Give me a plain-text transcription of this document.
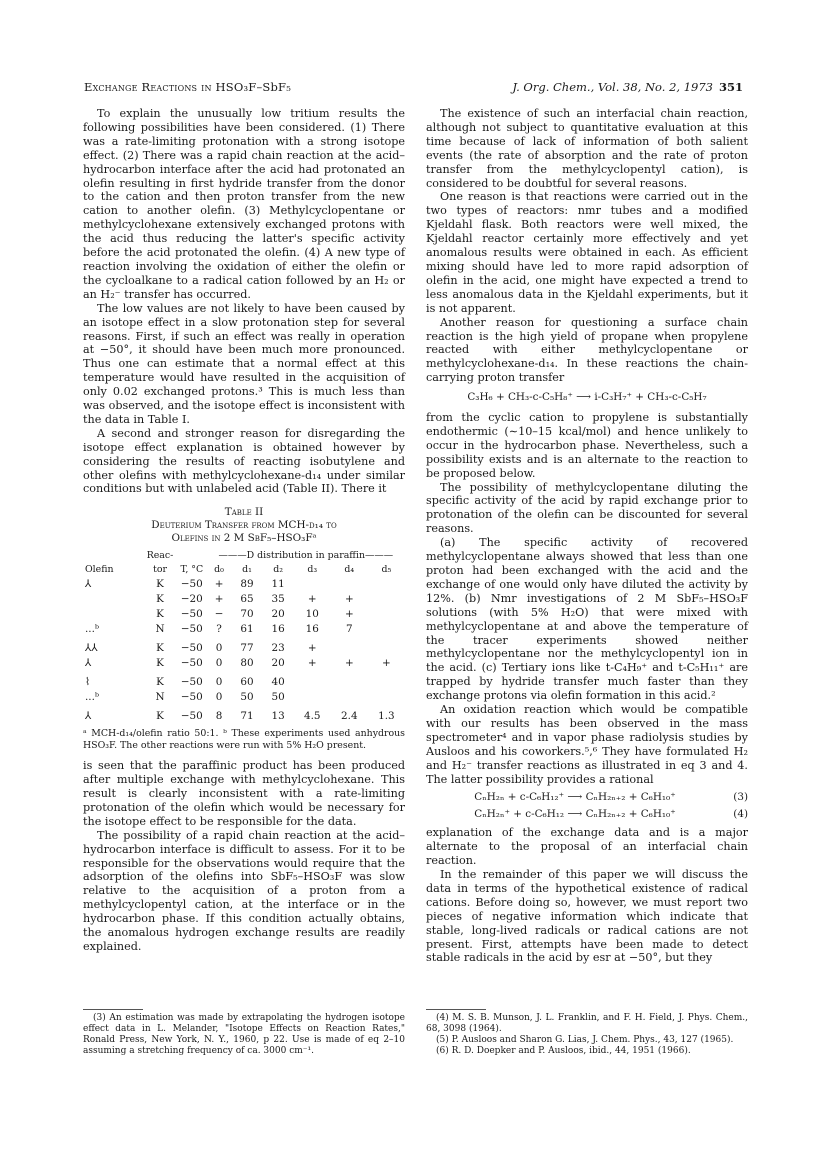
Exchange Reactions in HSO₃F–SbF₅	J. Org. Chem., Vol. 38, No. 2, 1973 351

To explain the unusually low tritium results the following possibilities have been considered. (1) There was a rate-limiting protonation with a strong isotope effect. (2) There was a rapid chain reaction at the acid–hydrocarbon interface after the acid had protonated an olefin resulting in first hydride transfer from the donor to the cation and then proton transfer from the new cation to another olefin. (3) Methylcyclopentane or methylcyclohexane extensively exchanged protons with the acid thus reducing the latter's specific activity before the acid protonated the olefin. (4) A new type of reaction involving the oxidation of either the olefin or the cycloalkane to a radical cation followed by an H₂ or an H₂⁻ transfer has occurred.

The low values are not likely to have been caused by an isotope effect in a slow protonation step for several reasons. First, if such an effect was really in operation at −50°, it should have been much more pronounced. Thus one can estimate that a normal effect at this temperature would have resulted in the acquisition of only 0.02 exchanged protons.³ This is much less than was observed, and the isotope effect is inconsistent with the data in Table I.

A second and stronger reason for disregarding the isotope effect explanation is obtained however by considering the results of reacting isobutylene and other olefins with methylcyclohexane-d₁₄ under similar conditions but with unlabeled acid (Table II). There it

Table II
Deuterium Transfer from MCH-d₁₄ to
Olefins in 2 M SbF₅–HSO₃Fᵃ
	Reac-		———D distribution in paraffin———					
Olefin	tor	T, °C	d₀	d₁	d₂	d₃	d₄	d₅
⅄	K	−50	+	89	11			
	K	−20	+	65	35	+	+	
	K	−50	−	70	20	10	+	
...ᵇ	N	−50	?	61	16	16	7	

⅄⅄	K	−50	0	77	23	+		
⅄	K	−50	0	80	20	+	+	+

⌇	K	−50	0	60	40			
...ᵇ	N	−50	0	50	50			

⅄	K	−50	8	71	13	4.5	2.4	1.3
ᵃ MCH-d₁₄/olefin ratio 50:1. ᵇ These experiments used anhydrous HSO₃F. The other reactions were run with 5% H₂O present.

is seen that the paraffinic product has been produced after multiple exchange with methylcyclohexane. This result is clearly inconsistent with a rate-limiting protonation of the olefin which would be necessary for the isotope effect to be responsible for the data.

The possibility of a rapid chain reaction at the acid–hydrocarbon interface is difficult to assess. For it to be responsible for the observations would require that the adsorption of the olefins into SbF₅–HSO₃F was slow relative to the acquisition of a proton from a methylcyclopentyl cation, at the interface or in the hydrocarbon phase. If this condition actually obtains, the anomalous hydrogen exchange results are readily explained.

The existence of such an interfacial chain reaction, although not subject to quantitative evaluation at this time because of lack of information of both salient events (the rate of absorption and the rate of proton transfer from the methylcyclopentyl cation), is considered to be doubtful for several reasons.

One reason is that reactions were carried out in the two types of reactors: nmr tubes and a modified Kjeldahl flask. Both reactors were well mixed, the Kjeldahl reactor certainly more effectively and yet anomalous results were obtained in each. As efficient mixing should have led to more rapid adsorption of olefin in the acid, one might have expected a trend to less anomalous data in the Kjeldahl experiments, but it is not apparent.

Another reason for questioning a surface chain reaction is the high yield of propane when propylene reacted with either methylcyclopentane or methylcyclohexane-d₁₄. In these reactions the chain-carrying proton transfer

C₃H₆ + CH₃-c-C₅H₈⁺ ⟶ i-C₃H₇⁺ + CH₃-c-C₅H₇

from the cyclic cation to propylene is substantially endothermic (∼10–15 kcal/mol) and hence unlikely to occur in the hydrocarbon phase. Nevertheless, such a possibility exists and is an alternate to the reaction to be proposed below.

The possibility of methylcyclopentane diluting the specific activity of the acid by rapid exchange prior to protonation of the olefin can be discounted for several reasons.

(a) The specific activity of recovered methylcyclopentane always showed that less than one proton had been exchanged with the acid and the exchange of one would only have diluted the activity by 12%. (b) Nmr investigations of 2 M SbF₅–HSO₃F solutions (with 5% H₂O) that were mixed with methylcyclopentane at and above the temperature of the tracer experiments showed neither methylcyclopentane nor the methylcyclopentyl ion in the acid. (c) Tertiary ions like t-C₄H₉⁺ and t-C₅H₁₁⁺ are trapped by hydride transfer much faster than they exchange protons via olefin formation in this acid.²

An oxidation reaction which would be compatible with our results has been observed in the mass spectrometer⁴ and in vapor phase radiolysis studies by Ausloos and his coworkers.⁵,⁶ They have formulated H₂ and H₂⁻ transfer reactions as illustrated in eq 3 and 4. The latter possibility provides a rational

CₙH₂ₙ + c-C₆H₁₂⁺ ⟶ CₙH₂ₙ₊₂ + C₆H₁₀⁺	(3)
CₙH₂ₙ⁺ + c-C₆H₁₂ ⟶ CₙH₂ₙ₊₂ + C₆H₁₀⁺	(4)

explanation of the exchange data and is a major alternate to the proposal of an interfacial chain reaction.

In the remainder of this paper we will discuss the data in terms of the hypothetical existence of radical cations. Before doing so, however, we must report two pieces of negative information which indicate that stable, long-lived radicals or radical cations are not present. First, attempts have been made to detect stable radicals in the acid by esr at −50°, but they

(3) An estimation was made by extrapolating the hydrogen isotope effect data in L. Melander, "Isotope Effects on Reaction Rates," Ronald Press, New York, N. Y., 1960, p 22. Use is made of eq 2–10 assuming a stretching frequency of ca. 3000 cm⁻¹.

(4) M. S. B. Munson, J. L. Franklin, and F. H. Field, J. Phys. Chem., 68, 3098 (1964).

(5) P. Ausloos and Sharon G. Lias, J. Chem. Phys., 43, 127 (1965).

(6) R. D. Doepker and P. Ausloos, ibid., 44, 1951 (1966).
